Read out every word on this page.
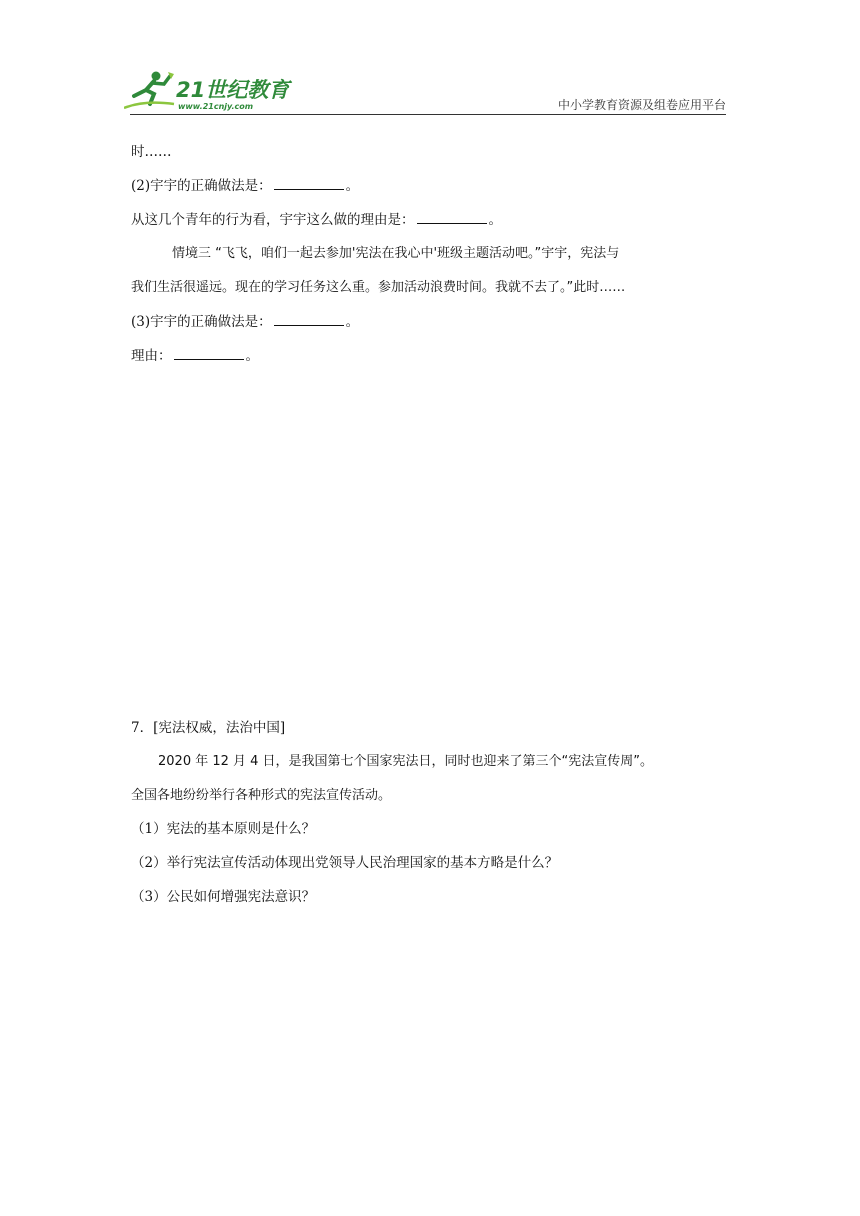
21世纪教育
www.21cnjy.com	中小学教育资源及组卷应用平台
时……
(2)宇宇的正确做法是：	。
从这几个青年的行为看，宇宇这么做的理由是：	。
情境三 “飞飞，咱们一起去参加'宪法在我心中'班级主题活动吧。”宇宇，宪法与
我们生活很遥远。现在的学习任务这么重。参加活动浪费时间。我就不去了。”此时……
(3)宇宇的正确做法是：	。
理由：	。
7．[宪法权威，法治中国]
2020 年 12 月 4 日，是我国第七个国家宪法日，同时也迎来了第三个“宪法宣传周”。
全国各地纷纷举行各种形式的宪法宣传活动。
（1）宪法的基本原则是什么？
（2）举行宪法宣传活动体现出党领导人民治理国家的基本方略是什么？
（3）公民如何增强宪法意识？
